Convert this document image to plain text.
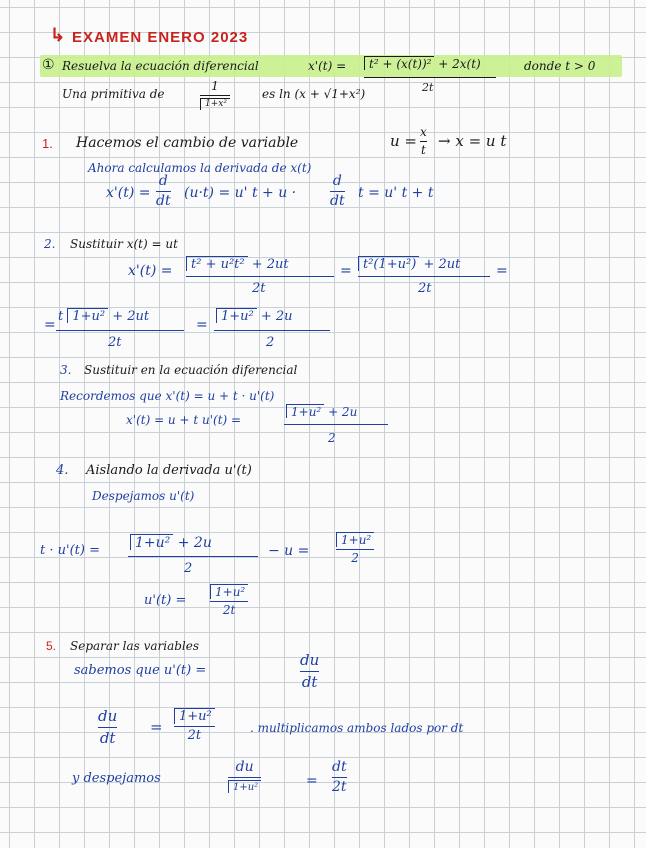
↳ EXAMEN ENERO 2023
① Resuelva la ecuación diferencial	x'(t) =	t² + (x(t))² + 2x(t)
2t
donde t > 0
Una primitiva de
1
1+x²
es ln (x + √1+x²)
1. Hacemos el cambio de variable	u = x
t
→ x = u t
Ahora calculamos la derivada de x(t)
x'(t) =
d
dt
(u·t) = u' t + u ·
d
dt
t = u' t + t
2. Sustituir x(t) = ut
x'(t) =	t² + u²t² + 2ut
2t
= t²(1+u²) + 2ut
2t
=
=
t 1+u² + 2ut
2t
=
1+u² + 2u
2
3. Sustituir en la ecuación diferencial
Recordemos que x'(t) = u + t · u'(t)
x'(t) = u + t u'(t) =
1+u² + 2u
2
4. Aislando la derivada u'(t)
Despejamos u'(t)
t · u'(t) =	1+u² + 2u
2
− u =
1+u²
2
u'(t) =
1+u²
2t
5. Separar las variables
sabemos que u'(t) =
du
dt
du
dt
=
1+u²
2t
. multiplicamos ambos lados por dt
y despejamos
du
1+u²	=
dt
2t
